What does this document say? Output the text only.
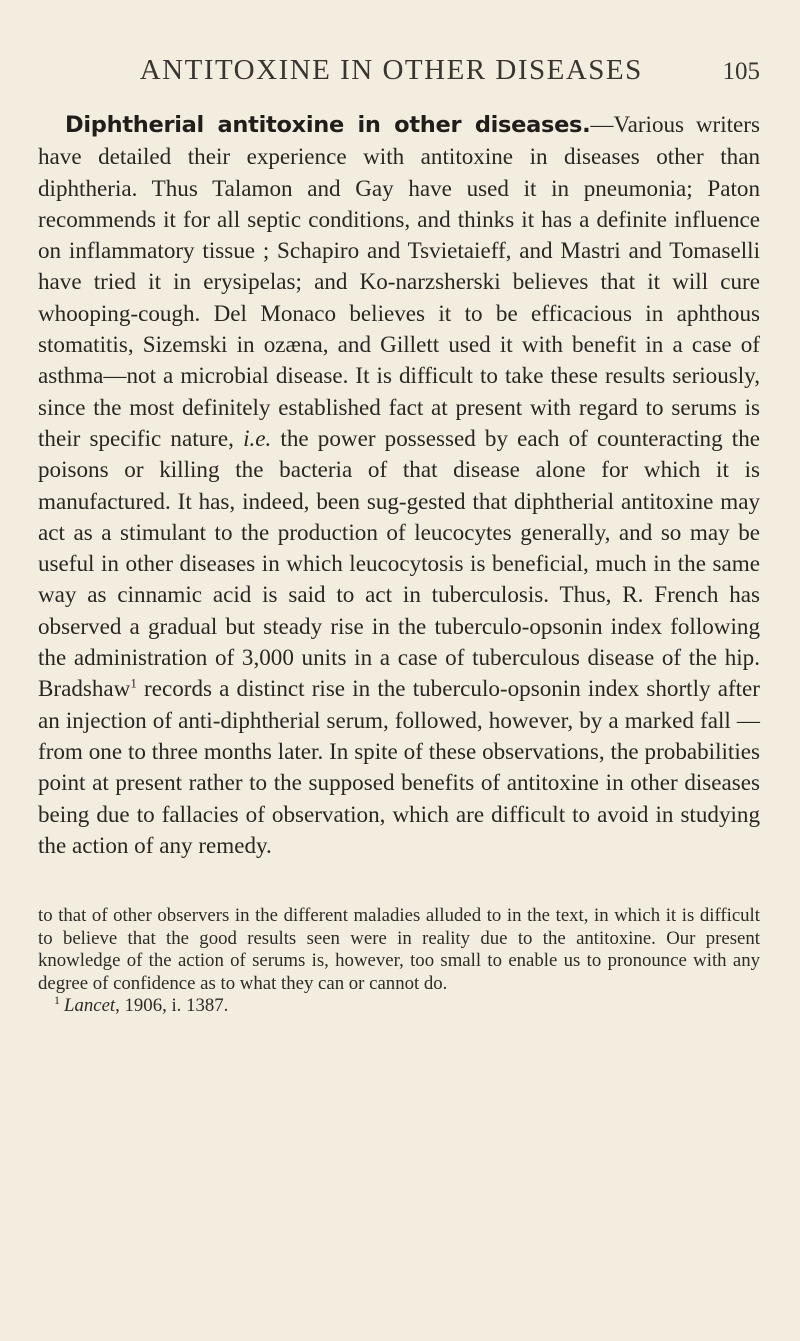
ANTITOXINE IN OTHER DISEASES	105

Diphtherial antitoxine in other diseases.—Various writers have detailed their experience with antitoxine in diseases other than diphtheria. Thus Talamon and Gay have used it in pneumonia; Paton recommends it for all septic conditions, and thinks it has a definite influence on inflammatory tissue ; Schapiro and Tsvietaieff, and Mastri and Tomaselli have tried it in erysipelas; and Ko-narzsherski believes that it will cure whooping-cough. Del Monaco believes it to be efficacious in aphthous stomatitis, Sizemski in ozæna, and Gillett used it with benefit in a case of asthma—not a microbial disease. It is difficult to take these results seriously, since the most definitely established fact at present with regard to serums is their specific nature, i.e. the power possessed by each of counteracting the poisons or killing the bacteria of that disease alone for which it is manufactured. It has, indeed, been sug-gested that diphtherial antitoxine may act as a stimulant to the production of leucocytes generally, and so may be useful in other diseases in which leucocytosis is beneficial, much in the same way as cinnamic acid is said to act in tuberculosis. Thus, R. French has observed a gradual but steady rise in the tuberculo-opsonin index following the administration of 3,000 units in a case of tuberculous disease of the hip. Bradshaw$^1$ records a distinct rise in the tuberculo-opsonin index shortly after an injection of anti-diphtherial serum, followed, however, by a marked fall —from one to three months later. In spite of these observations, the probabilities point at present rather to the supposed benefits of antitoxine in other diseases being due to fallacies of observation, which are difficult to avoid in studying the action of any remedy.

to that of other observers in the different maladies alluded to in the text, in which it is difficult to believe that the good results seen were in reality due to the antitoxine. Our present knowledge of the action of serums is, however, too small to enable us to pronounce with any degree of confidence as to what they can or cannot do.

$^1$ Lancet, 1906, i. 1387.
